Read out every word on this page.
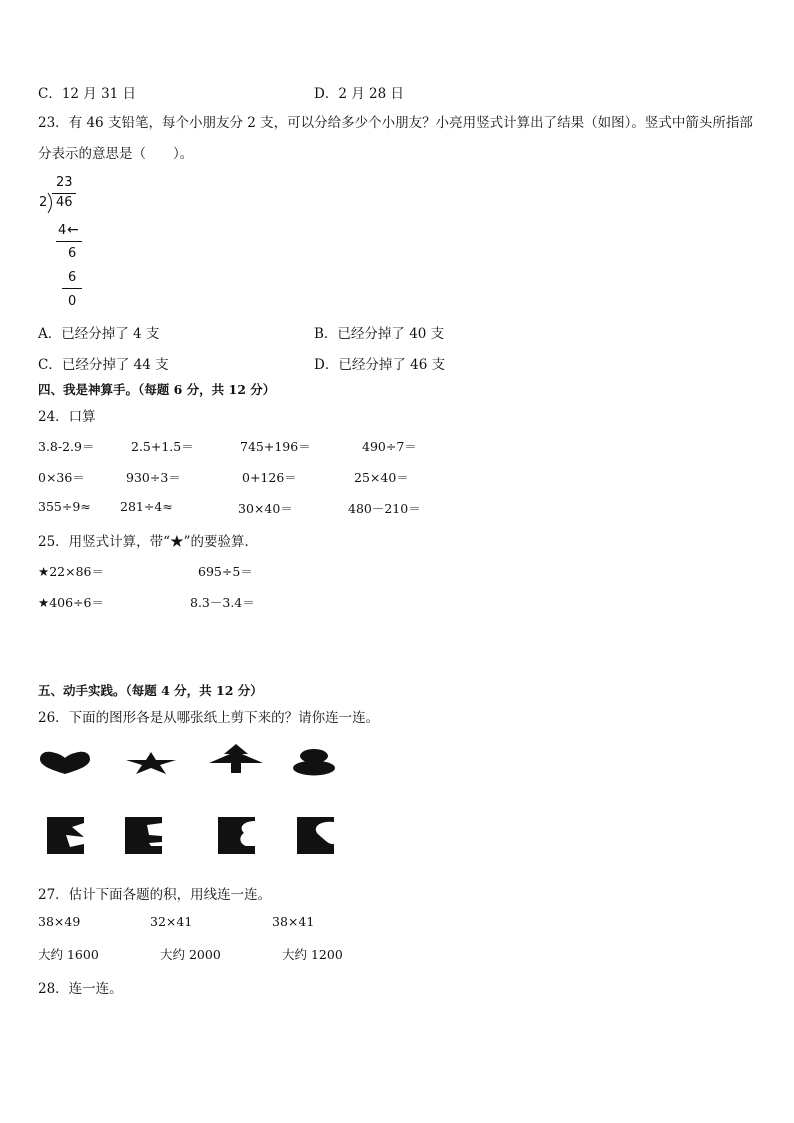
C．12 月 31 日	D．2 月 28 日
23．有 46 支铅笔，每个小朋友分 2 支，可以分给多少个小朋友？小亮用竖式计算出了结果（如图）。竖式中箭头所指部分表示的意思是（　　）。
23
2 46
4 ←
6
6
0
A．已经分掉了 4 支	B．已经分掉了 40 支
C．已经分掉了 44 支	D．已经分掉了 46 支
四、我是神算手。（每题 6 分，共 12 分）
24．口算
3.8-2.9＝	2.5+1.5＝	745+196＝	490÷7＝
0×36＝	930÷3＝	0+126＝	25×40＝
355÷9≈ 281÷4≈	30×40＝	480－210＝
25．用竖式计算，带“★”的要验算．
★22×86＝	695÷5＝
★406÷6＝	8.3－3.4＝
五、动手实践。（每题 4 分，共 12 分）
26．下面的图形各是从哪张纸上剪下来的？请你连一连。
27．估计下面各题的积，用线连一连。
38×49	32×41	38×41
大约 1600	大约 2000	大约 1200
28．连一连。
